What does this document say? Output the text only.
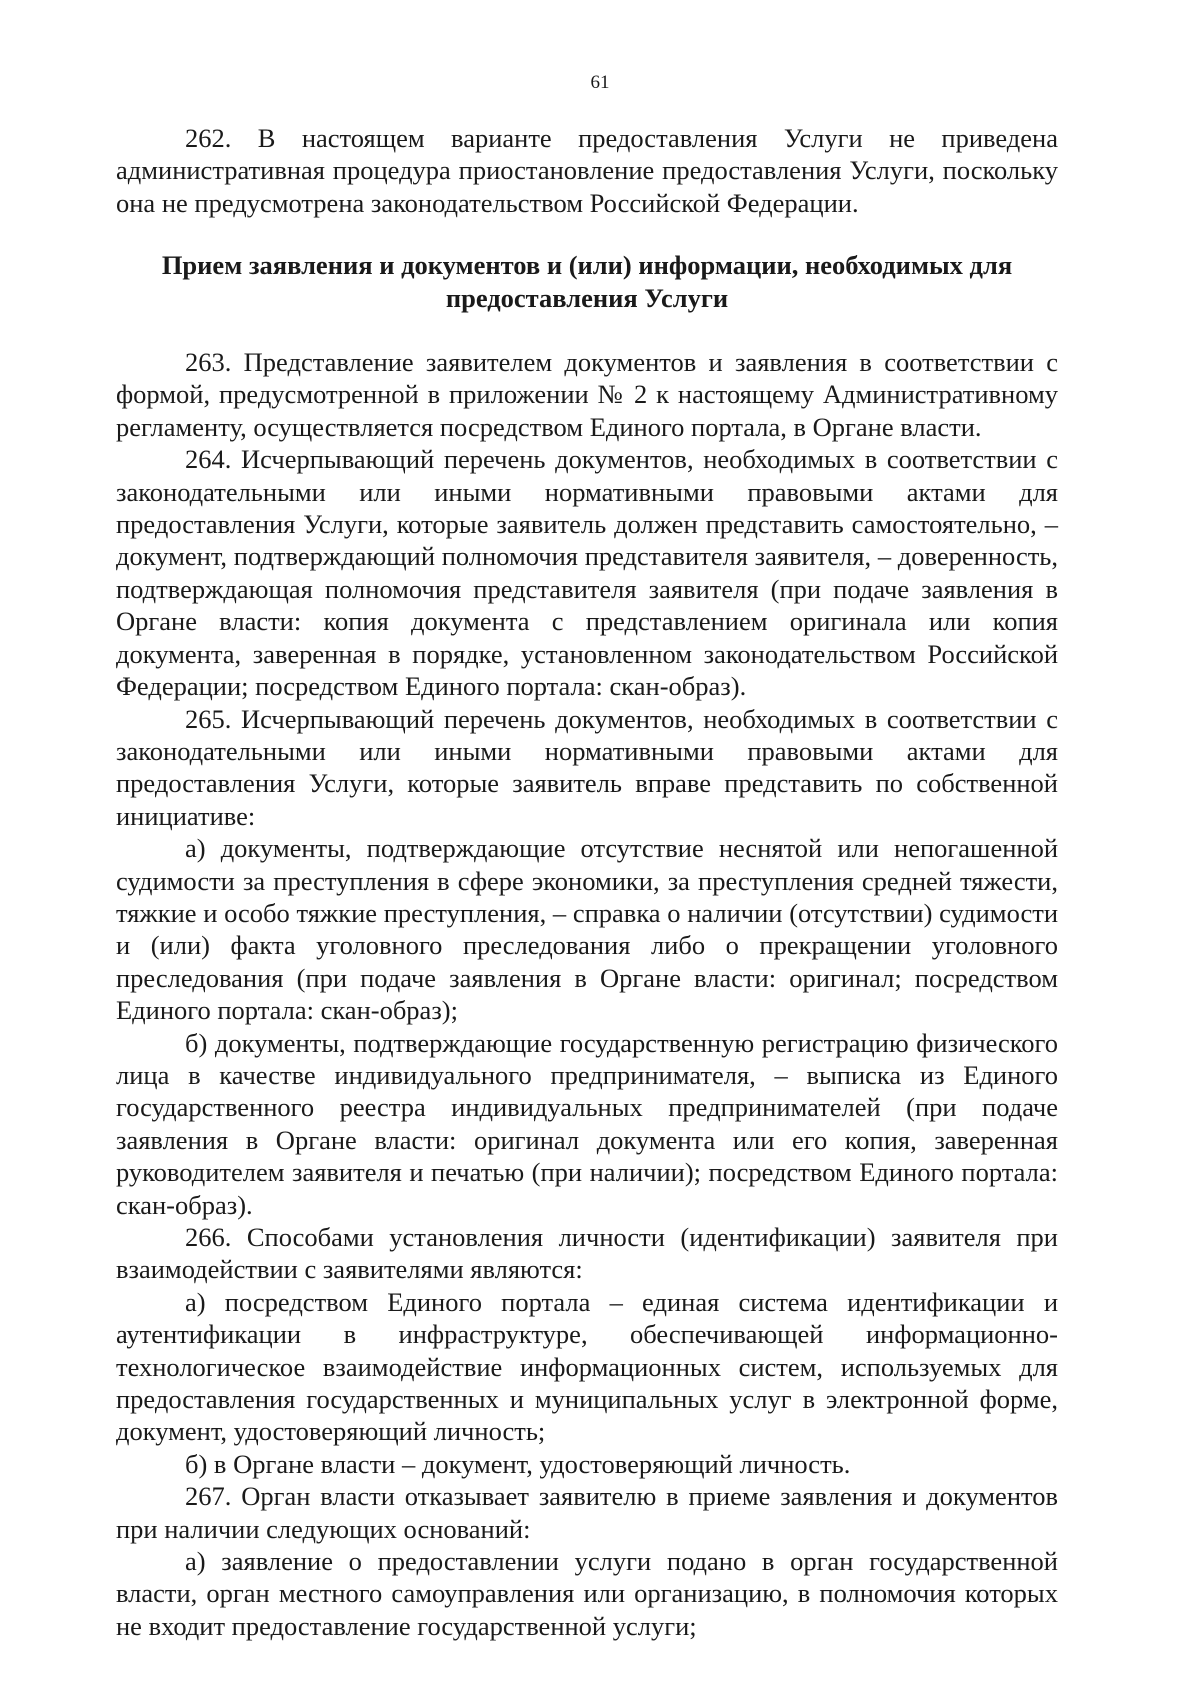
61

262. В настоящем варианте предоставления Услуги не приведена административная процедура приостановление предоставления Услуги, поскольку она не предусмотрена законодательством Российской Федерации.

Прием заявления и документов и (или) информации, необходимых для предоставления Услуги

263. Представление заявителем документов и заявления в соответствии с формой, предусмотренной в приложении № 2 к настоящему Административному регламенту, осуществляется посредством Единого портала, в Органе власти.

264. Исчерпывающий перечень документов, необходимых в соответствии с законодательными или иными нормативными правовыми актами для предоставления Услуги, которые заявитель должен представить самостоятельно, – документ, подтверждающий полномочия представителя заявителя, – доверенность, подтверждающая полномочия представителя заявителя (при подаче заявления в Органе власти: копия документа с представлением оригинала или копия документа, заверенная в порядке, установленном законодательством Российской Федерации; посредством Единого портала: скан-образ).

265. Исчерпывающий перечень документов, необходимых в соответствии с законодательными или иными нормативными правовыми актами для предоставления Услуги, которые заявитель вправе представить по собственной инициативе:

а) документы, подтверждающие отсутствие неснятой или непогашенной судимости за преступления в сфере экономики, за преступления средней тяжести, тяжкие и особо тяжкие преступления, – справка о наличии (отсутствии) судимости и (или) факта уголовного преследования либо о прекращении уголовного преследования (при подаче заявления в Органе власти: оригинал; посредством Единого портала: скан-образ);

б) документы, подтверждающие государственную регистрацию физического лица в качестве индивидуального предпринимателя, – выписка из Единого государственного реестра индивидуальных предпринимателей (при подаче заявления в Органе власти: оригинал документа или его копия, заверенная руководителем заявителя и печатью (при наличии); посредством Единого портала: скан-образ).

266. Способами установления личности (идентификации) заявителя при взаимодействии с заявителями являются:

а) посредством Единого портала – единая система идентификации и аутентификации в инфраструктуре, обеспечивающей информационно-технологическое взаимодействие информационных систем, используемых для предоставления государственных и муниципальных услуг в электронной форме, документ, удостоверяющий личность;

б) в Органе власти – документ, удостоверяющий личность.

267. Орган власти отказывает заявителю в приеме заявления и документов при наличии следующих оснований:

а) заявление о предоставлении услуги подано в орган государственной власти, орган местного самоуправления или организацию, в полномочия которых не входит предоставление государственной услуги;
